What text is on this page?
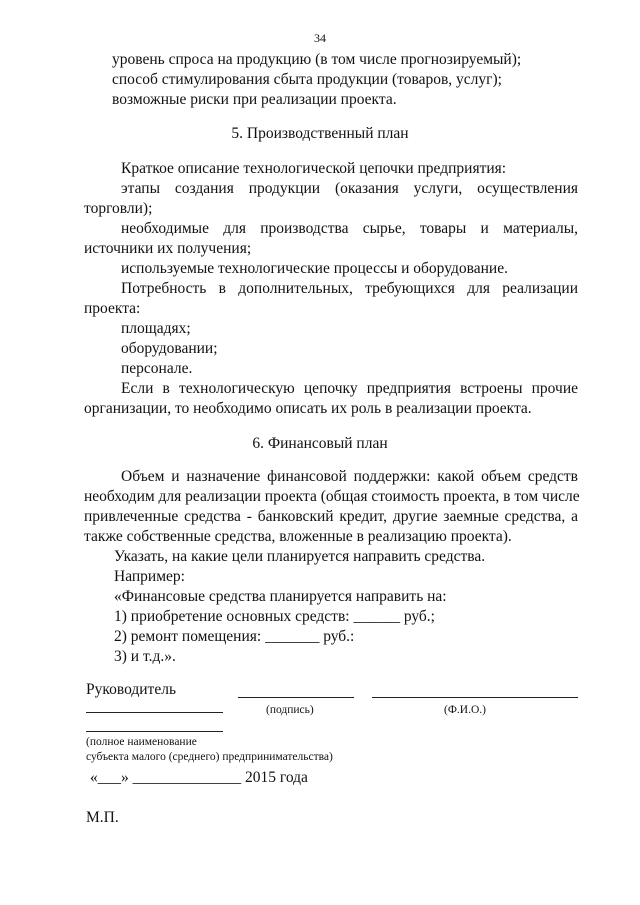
34
уровень спроса на продукцию (в том числе прогнозируемый);
способ стимулирования сбыта продукции (товаров, услуг);
возможные риски при реализации проекта.
5. Производственный план
Краткое описание технологической цепочки предприятия:
этапы создания продукции (оказания услуги, осуществления
торговли);
необходимые для производства сырье, товары и материалы,
источники их получения;
используемые технологические процессы и оборудование.
Потребность в дополнительных, требующихся для реализации
проекта:
площадях;
оборудовании;
персонале.
Если в технологическую цепочку предприятия встроены прочие
организации, то необходимо описать их роль в реализации проекта.
6. Финансовый план
Объем и назначение финансовой поддержки: какой объем средств
необходим для реализации проекта (общая стоимость проекта, в том числе
привлеченные средства - банковский кредит, другие заемные средства, а
также собственные средства, вложенные в реализацию проекта).
Указать, на какие цели планируется направить средства.
Например:
«Финансовые средства планируется направить на:
1) приобретение основных средств: ______ руб.;
2) ремонт помещения: _______ руб.:
3) и т.д.».
Руководитель
(подпись)	(Ф.И.О.)
(полное наименование
субъекта малого (среднего) предпринимательства)
«___» ______________ 2015 года
М.П.
